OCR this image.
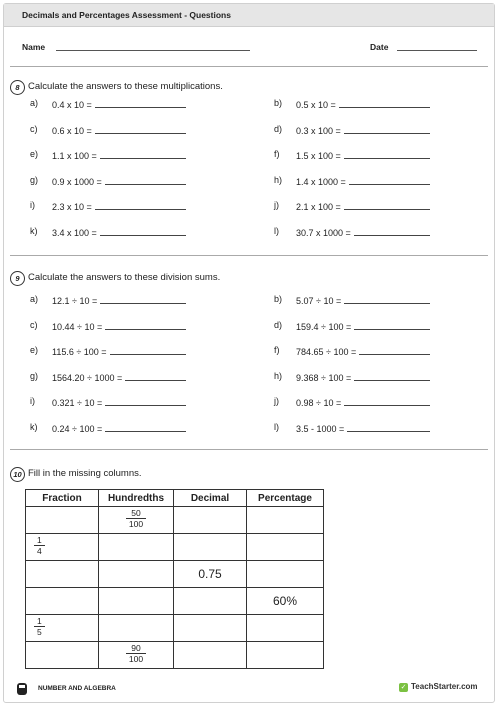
Decimals and Percentages Assessment - Questions
Name	Date
8 Calculate the answers to these multiplications.
a) 0.4 x 10 =	b) 0.5 x 10 =
c) 0.6 x 10 =	d) 0.3 x 100 =
e) 1.1 x 100 =	f) 1.5 x 100 =
g) 0.9 x 1000 =	h) 1.4 x 1000 =
i) 2.3 x 10 =	j) 2.1 x 100 =
k) 3.4 x 100 =	l) 30.7 x 1000 =
9 Calculate the answers to these division sums.
a) 12.1 ÷ 10 =	b) 5.07 ÷ 10 =
c) 10.44 ÷ 10 =	d) 159.4 ÷ 100 =
e) 115.6 ÷ 100 =	f) 784.65 ÷ 100 =
g) 1564.20 ÷ 1000 =	h) 9.368 ÷ 100 =
i) 0.321 ÷ 10 =	j) 0.98 ÷ 10 =
k) 0.24 ÷ 100 =	l) 3.5 - 1000 =
10 Fill in the missing columns.
Fraction	Hundredths	Decimal	Percentage

	$\frac{50}{100}$

$\frac{1}{4}$

		0.75	
			60%

$\frac{1}{5}$

	$\frac{90}{100}$

NUMBER AND ALGEBRA	✓ TeachStarter.com
